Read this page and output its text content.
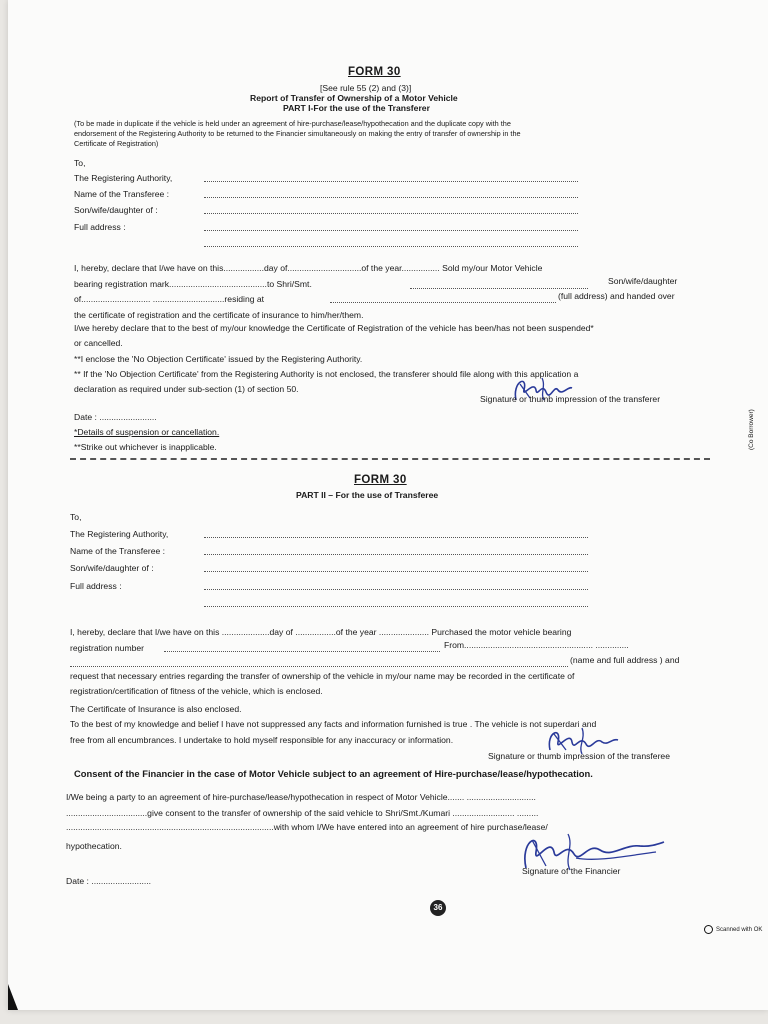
FORM 30
[See rule 55 (2) and (3)]
Report of Transfer of Ownership of a Motor Vehicle
PART I-For the use of the Transferer
(To be made in duplicate if the vehicle is held under an agreement of hire-purchase/lease/hypothecation and the duplicate copy with the
endorsement of the Registering Authority to be returned to the Financier simultaneously on making the entry of transfer of ownership in the
Certificate of Registration)
To,
The Registering Authority,
Name of the Transferee :
Son/wife/daughter of :
Full address :
I, hereby, declare that I/we have on this.................day of...............................of the year................ Sold my/our Motor Vehicle
bearing registration mark.........................................to Shri/Smt.	Son/wife/daughter
of............................. ..............................residing at	(full address) and handed over
the certificate of registration and the certificate of insurance to him/her/them.
I/we hereby declare that to the best of my/our knowledge the Certificate of Registration of the vehicle has been/has not been suspended*
or cancelled.
**I enclose the 'No Objection Certificate' issued by the Registering Authority.
** If the 'No Objection Certificate' from the Registering Authority is not enclosed, the transferer should file along with this application a
declaration as required under sub-section (1) of section 50.
Signature or thumb impression of the transferer
Date : ........................
*Details of suspension or cancellation.
**Strike out whichever is inapplicable.	(Co Borrower)
FORM 30
PART II – For the use of Transferee
To,
The Registering Authority,
Name of the Transferee :
Son/wife/daughter of :
Full address :
I, hereby, declare that I/we have on this ....................day of .................of the year ..................... Purchased the motor vehicle bearing
registration number	From...................................................... ..............
(name and full address ) and
request that necessary entries regarding the transfer of ownership of the vehicle in my/our name may be recorded in the certificate of
registration/certification of fitness of the vehicle, which is enclosed.
The Certificate of Insurance is also enclosed.
To the best of my knowledge and belief I have not suppressed any facts and information furnished is true . The vehicle is not superdari and
free from all encumbrances. I undertake to hold myself responsible for any inaccuracy or information.
Signature or thumb impression of the transferee
Consent of the Financier in the case of Motor Vehicle subject to an agreement of Hire-purchase/lease/hypothecation.
I/We being a party to an agreement of hire-purchase/lease/hypothecation in respect of Motor Vehicle....... .............................
..................................give consent to the transfer of ownership of the said vehicle to Shri/Smt./Kumari .......................... .........
.......................................................................................with whom I/We have entered into an agreement of hire purchase/lease/
hypothecation.
Signature of the Financier
Date : .........................
36
Scanned with OK
